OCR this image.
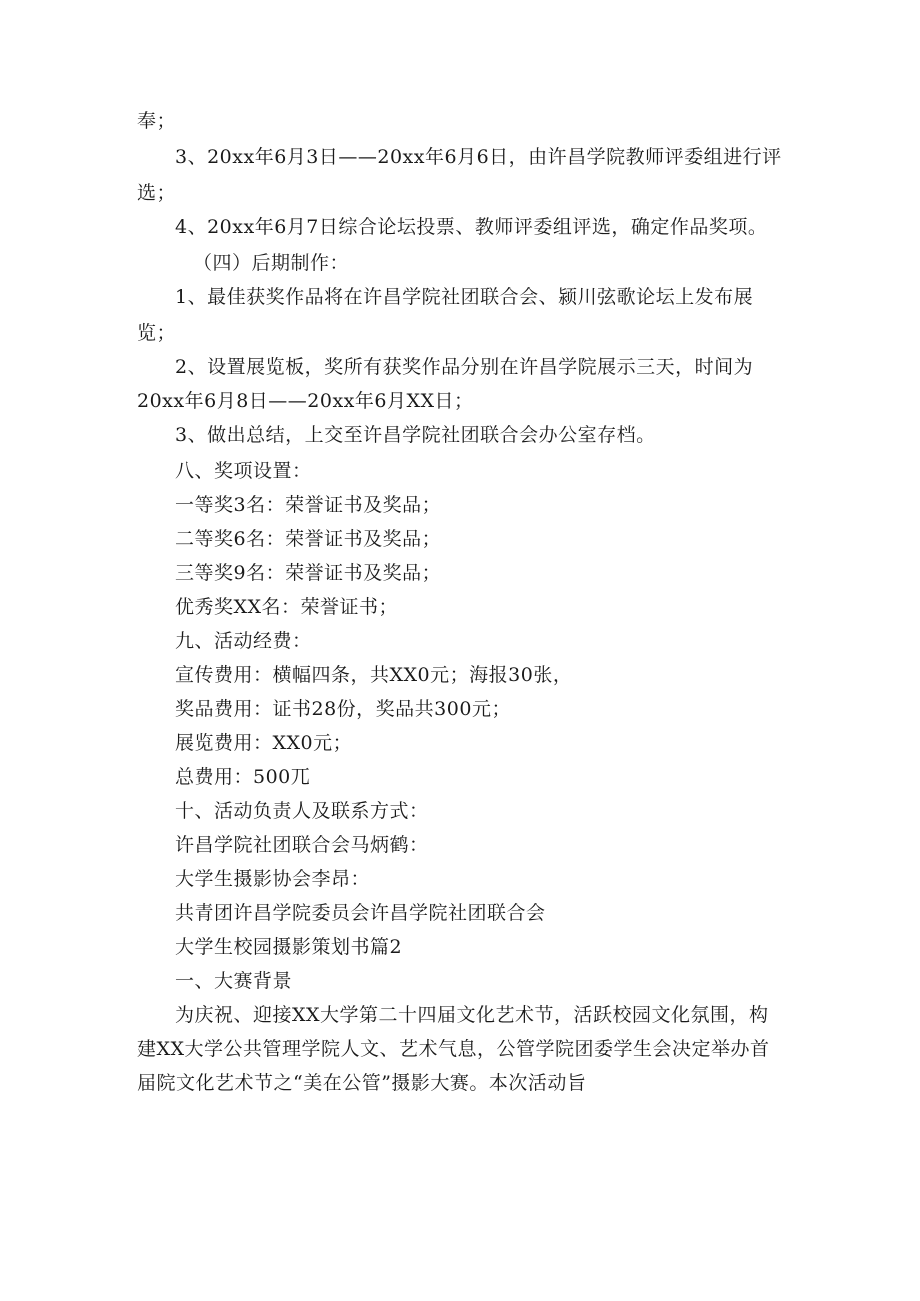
奉；
3、20xx年6月3日——20xx年6月6日，由许昌学院教师评委组进行评
选；
4、20xx年6月7日综合论坛投票、教师评委组评选，确定作品奖项。
（四）后期制作：
1、最佳获奖作品将在许昌学院社团联合会、颍川弦歌论坛上发布展
览；
2、设置展览板，奖所有获奖作品分别在许昌学院展示三天，时间为
20xx年6月8日——20xx年6月XX日；
3、做出总结，上交至许昌学院社团联合会办公室存档。
八、奖项设置：
一等奖3名：荣誉证书及奖品；
二等奖6名：荣誉证书及奖品；
三等奖9名：荣誉证书及奖品；
优秀奖XX名：荣誉证书；
九、活动经费：
宣传费用：横幅四条，共XX0元；海报30张，
奖品费用：证书28份，奖品共300元；
展览费用：XX0元；
总费用：500兀
十、活动负责人及联系方式：
许昌学院社团联合会马炳鹤：
大学生摄影协会李昂：
共青团许昌学院委员会许昌学院社团联合会
大学生校园摄影策划书篇2
一、大赛背景
为庆祝、迎接XX大学第二十四届文化艺术节，活跃校园文化氛围，构
建XX大学公共管理学院人文、艺术气息，公管学院团委学生会决定举办首
届院文化艺术节之“美在公管”摄影大赛。本次活动旨
